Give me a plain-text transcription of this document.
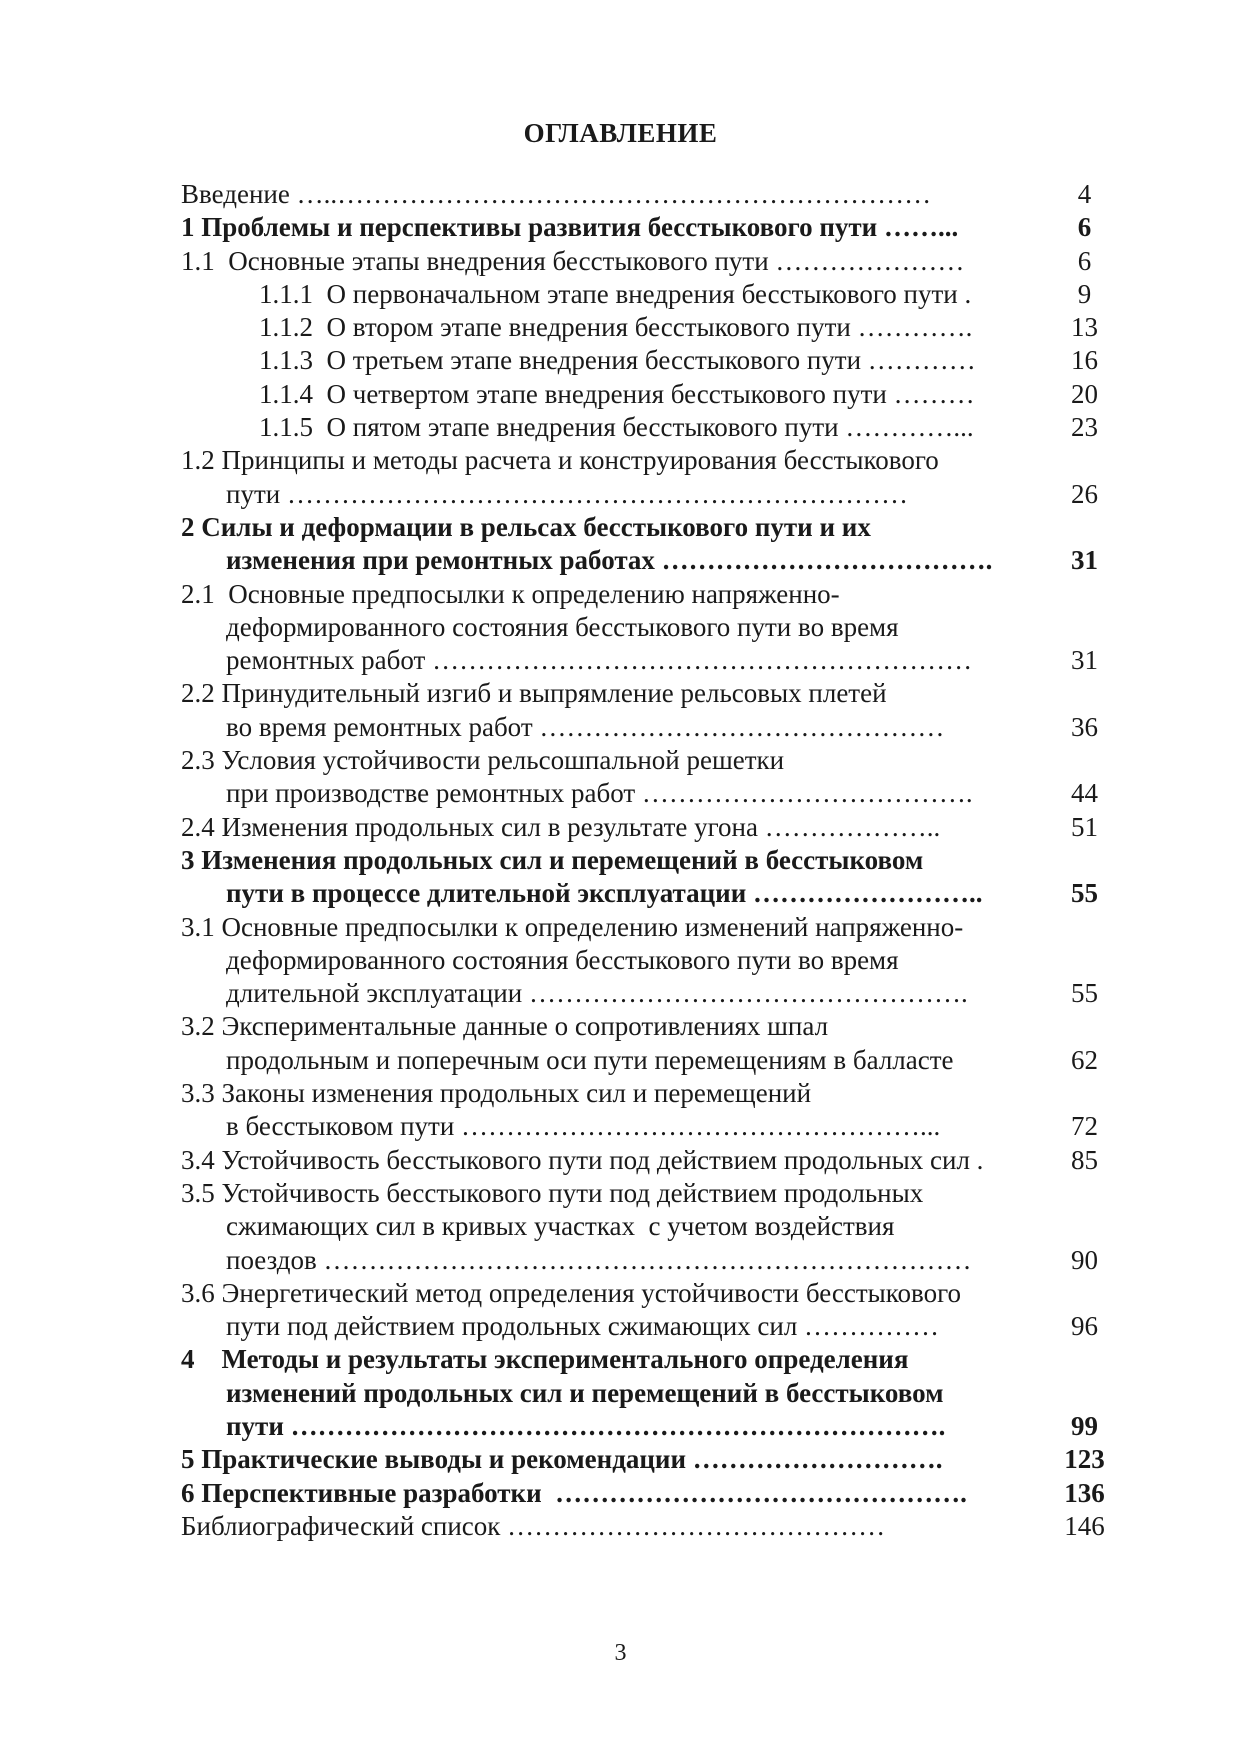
ОГЛАВЛЕНИЕ
Введение …..…………………………………………………………	4
1 Проблемы и перспективы развития бесстыкового пути ……...	6
1.1  Основные этапы внедрения бесстыкового пути …………………	6
1.1.1  О первоначальном этапе внедрения бесстыкового пути .	9
1.1.2  О втором этапе внедрения бесстыкового пути ………….	13
1.1.3  О третьем этапе внедрения бесстыкового пути …………	16
1.1.4  О четвертом этапе внедрения бесстыкового пути ………	20
1.1.5  О пятом этапе внедрения бесстыкового пути …………...	23
1.2 Принципы и методы расчета и конструирования бесстыкового
пути ……………………………………………………………	26
2 Силы и деформации в рельсах бесстыкового пути и их
изменения при ремонтных работах ……………………………….	31
2.1  Основные предпосылки к определению напряженно-
деформированного состояния бесстыкового пути во время
ремонтных работ ……………………………………………………	31
2.2 Принудительный изгиб и выпрямление рельсовых плетей
во время ремонтных работ ………………………………………	36
2.3 Условия устойчивости рельсошпальной решетки
при производстве ремонтных работ ……………………………….	44
2.4 Изменения продольных сил в результате угона ………………..	51
3 Изменения продольных сил и перемещений в бесстыковом
пути в процессе длительной эксплуатации ……………………..	55
3.1 Основные предпосылки к определению изменений напряженно-
деформированного состояния бесстыкового пути во время
длительной эксплуатации ………………………………………….	55
3.2 Экспериментальные данные о сопротивлениях шпал
продольным и поперечным оси пути перемещениям в балласте	62
3.3 Законы изменения продольных сил и перемещений
в бесстыковом пути ……………………………………………...	72
3.4 Устойчивость бесстыкового пути под действием продольных сил .	85
3.5 Устойчивость бесстыкового пути под действием продольных
сжимающих сил в кривых участках  с учетом воздействия
поездов ………………………………………………………………	90
3.6 Энергетический метод определения устойчивости бесстыкового
пути под действием продольных сжимающих сил ……………	96
4    Методы и результаты экспериментального определения
изменений продольных сил и перемещений в бесстыковом
пути ……………………………………………………………….	99
5 Практические выводы и рекомендации ……………………….	123
6 Перспективные разработки  ……………………………………….	136
Библиографический список ……………………………………	146
3
